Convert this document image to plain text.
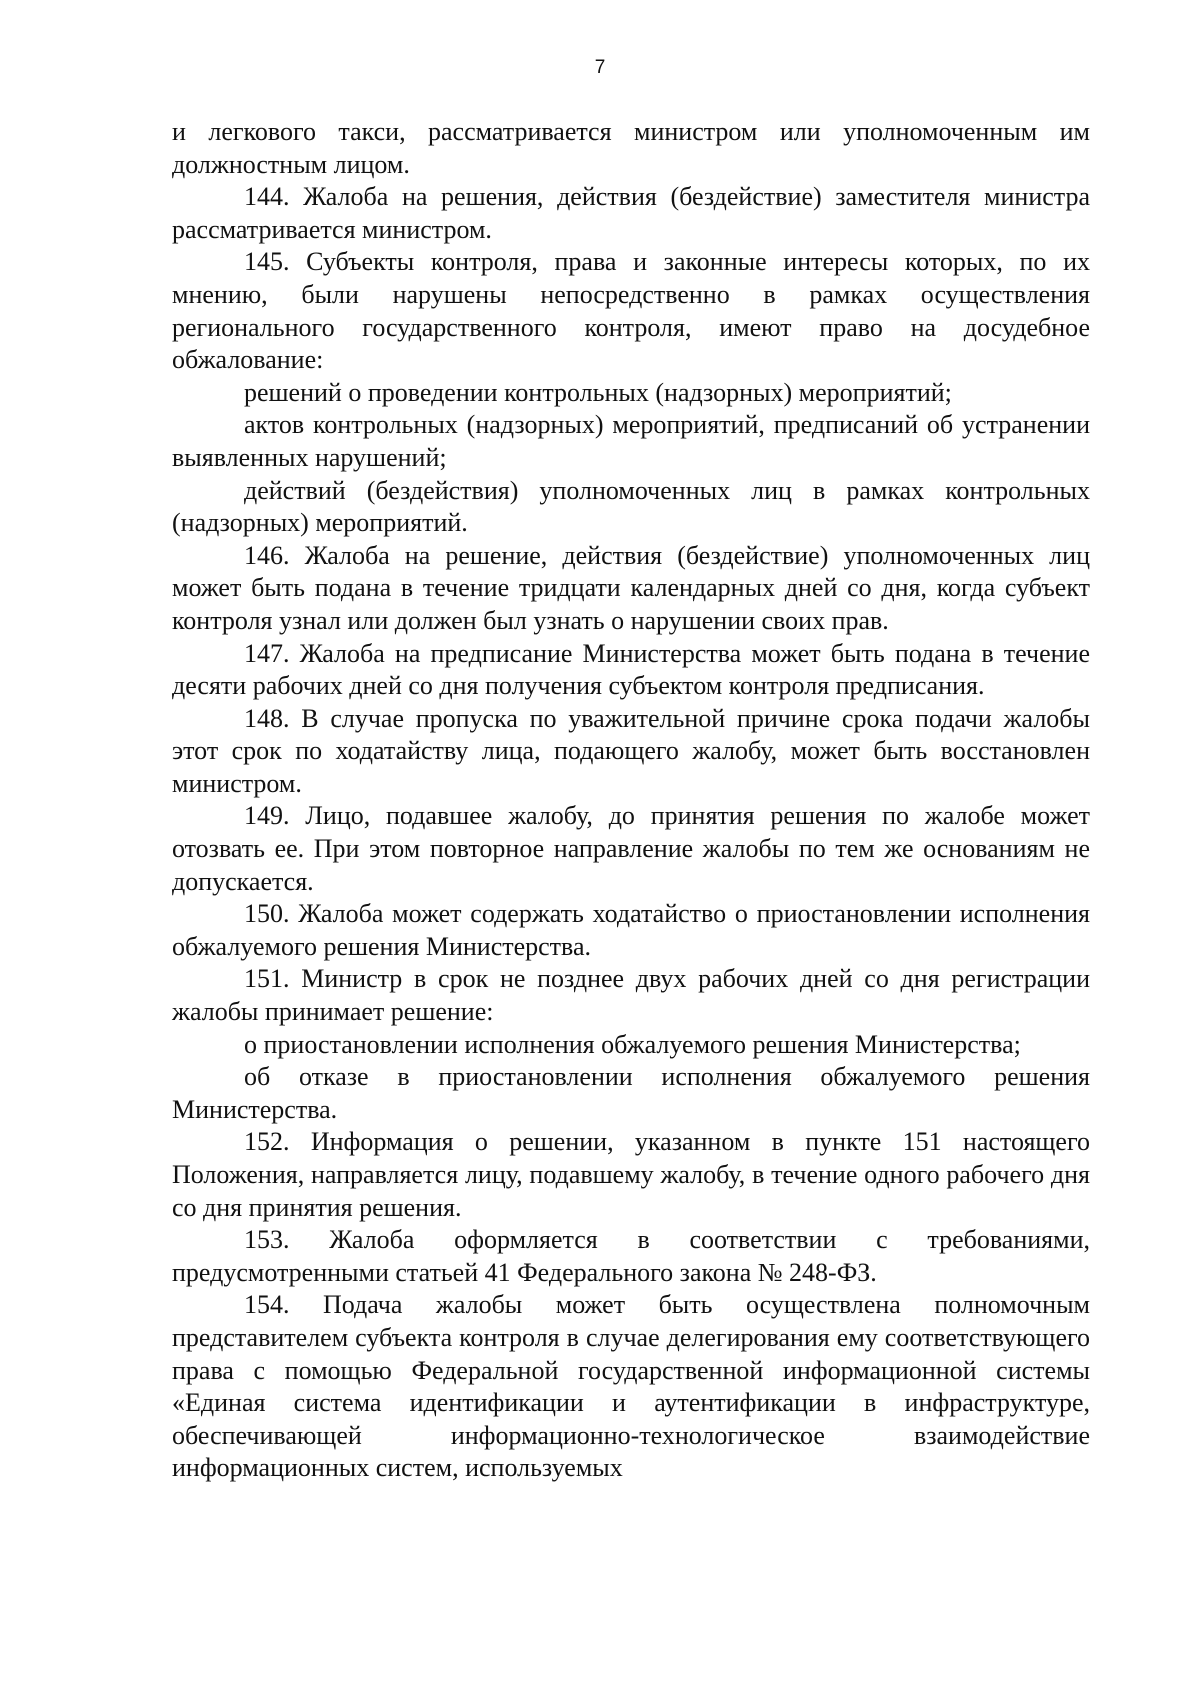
7

и легкового такси, рассматривается министром или уполномоченным им должностным лицом.

144. Жалоба на решения, действия (бездействие) заместителя министра рассматривается министром.

145. Субъекты контроля, права и законные интересы которых, по их мнению, были нарушены непосредственно в рамках осуществления регионального государственного контроля, имеют право на досудебное обжалование:

решений о проведении контрольных (надзорных) мероприятий;

актов контрольных (надзорных) мероприятий, предписаний об устранении выявленных нарушений;

действий (бездействия) уполномоченных лиц в рамках контрольных (надзорных) мероприятий.

146. Жалоба на решение, действия (бездействие) уполномоченных лиц может быть подана в течение тридцати календарных дней со дня, когда субъект контроля узнал или должен был узнать о нарушении своих прав.

147. Жалоба на предписание Министерства может быть подана в течение десяти рабочих дней со дня получения субъектом контроля предписания.

148. В случае пропуска по уважительной причине срока подачи жалобы этот срок по ходатайству лица, подающего жалобу, может быть восстановлен министром.

149. Лицо, подавшее жалобу, до принятия решения по жалобе может отозвать ее. При этом повторное направление жалобы по тем же основаниям не допускается.

150. Жалоба может содержать ходатайство о приостановлении исполнения обжалуемого решения Министерства.

151. Министр в срок не позднее двух рабочих дней со дня регистрации жалобы принимает решение:

о приостановлении исполнения обжалуемого решения Министерства;

об отказе в приостановлении исполнения обжалуемого решения Министерства.

152. Информация о решении, указанном в пункте 151 настоящего Положения, направляется лицу, подавшему жалобу, в течение одного рабочего дня со дня принятия решения.

153. Жалоба оформляется в соответствии с требованиями, предусмотренными статьей 41 Федерального закона № 248-ФЗ.

154. Подача жалобы может быть осуществлена полномочным представителем субъекта контроля в случае делегирования ему соответствующего права с помощью Федеральной государственной информационной системы «Единая система идентификации и аутентификации в инфраструктуре, обеспечивающей информационно-технологическое взаимодействие информационных систем, используемых
